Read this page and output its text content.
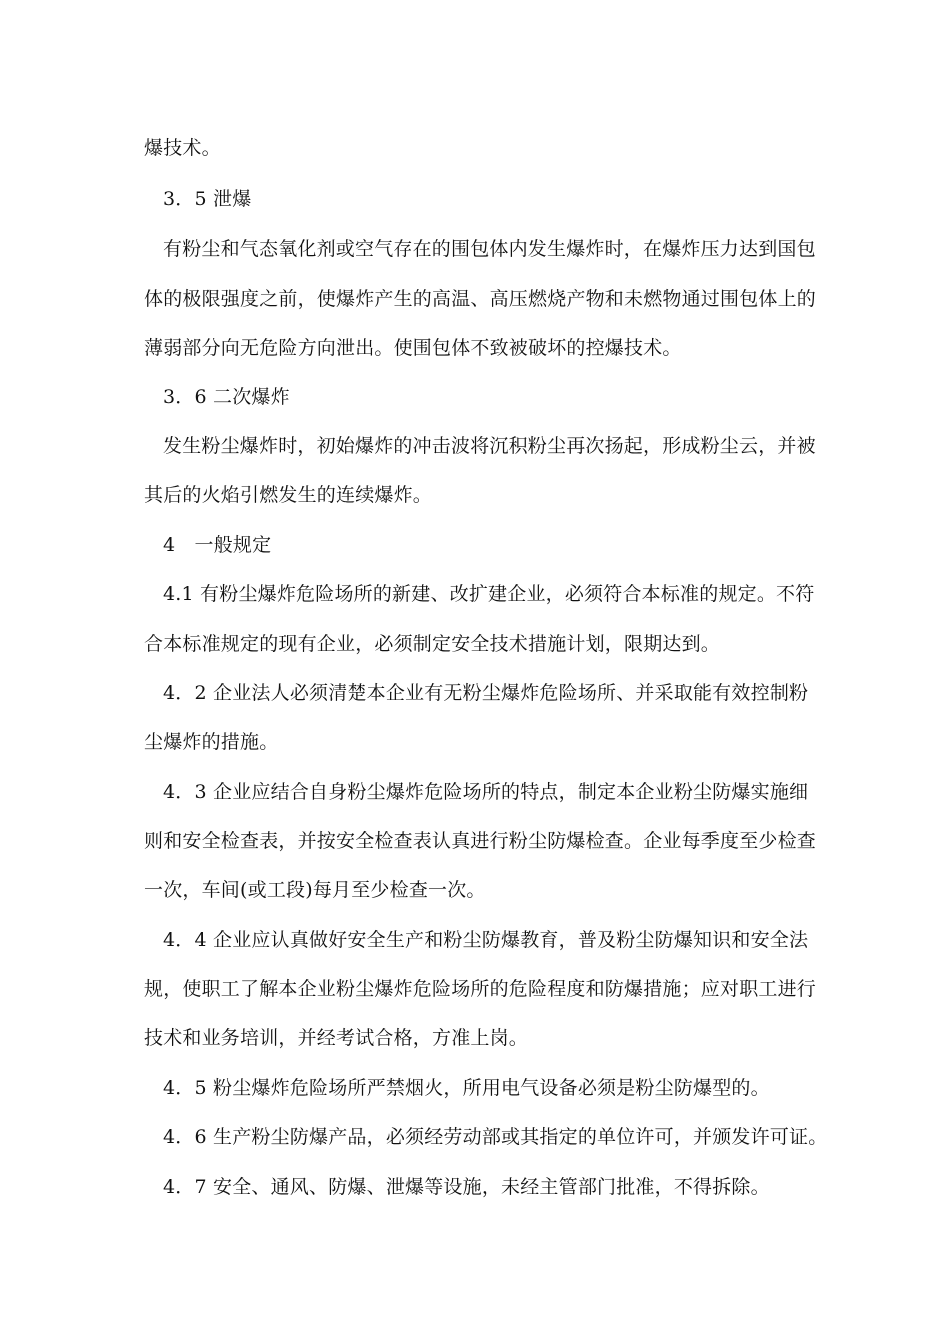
爆技术。
3．5 泄爆
有粉尘和气态氧化剂或空气存在的围包体内发生爆炸时，在爆炸压力达到国包
体的极限强度之前，使爆炸产生的高温、高压燃烧产物和未燃物通过围包体上的
薄弱部分向无危险方向泄出。使围包体不致被破坏的控爆技术。
3．6 二次爆炸
发生粉尘爆炸时，初始爆炸的冲击波将沉积粉尘再次扬起，形成粉尘云，并被
其后的火焰引燃发生的连续爆炸。
4　一般规定
4.1 有粉尘爆炸危险场所的新建、改扩建企业，必须符合本标准的规定。不符
合本标准规定的现有企业，必须制定安全技术措施计划，限期达到。
4．2 企业法人必须清楚本企业有无粉尘爆炸危险场所、并采取能有效控制粉
尘爆炸的措施。
4．3 企业应结合自身粉尘爆炸危险场所的特点，制定本企业粉尘防爆实施细
则和安全检查表，并按安全检查表认真进行粉尘防爆检查。企业每季度至少检查
一次，车间(或工段)每月至少检查一次。
4．4 企业应认真做好安全生产和粉尘防爆教育，普及粉尘防爆知识和安全法
规，使职工了解本企业粉尘爆炸危险场所的危险程度和防爆措施；应对职工进行
技术和业务培训，并经考试合格，方准上岗。
4．5 粉尘爆炸危险场所严禁烟火，所用电气设备必须是粉尘防爆型的。
4．6 生产粉尘防爆产品，必须经劳动部或其指定的单位许可，并颁发许可证。
4．7 安全、通风、防爆、泄爆等设施，未经主管部门批准，不得拆除。
